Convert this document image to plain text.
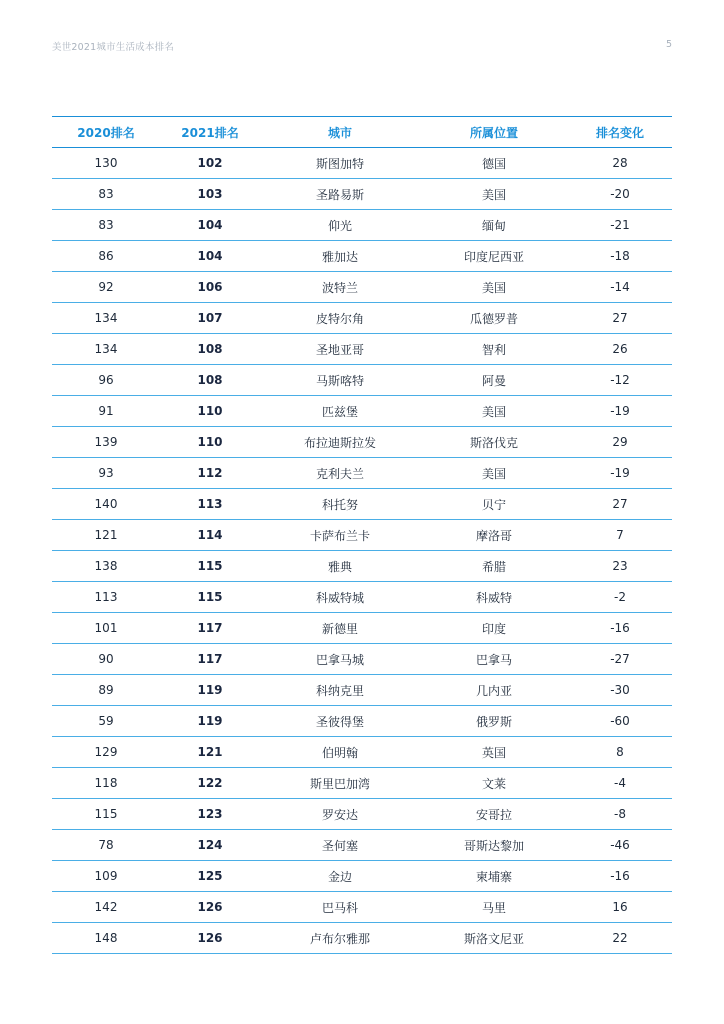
美世2021城市生活成本排名	5
2020排名	2021排名	城市	所属位置	排名变化
130	102	斯图加特	德国	28
83	103	圣路易斯	美国	-20
83	104	仰光	缅甸	-21
86	104	雅加达	印度尼西亚	-18
92	106	波特兰	美国	-14
134	107	皮特尔角	瓜德罗普	27
134	108	圣地亚哥	智利	26
96	108	马斯喀特	阿曼	-12
91	110	匹兹堡	美国	-19
139	110	布拉迪斯拉发	斯洛伐克	29
93	112	克利夫兰	美国	-19
140	113	科托努	贝宁	27
121	114	卡萨布兰卡	摩洛哥	7
138	115	雅典	希腊	23
113	115	科威特城	科威特	-2
101	117	新德里	印度	-16
90	117	巴拿马城	巴拿马	-27
89	119	科纳克里	几内亚	-30
59	119	圣彼得堡	俄罗斯	-60
129	121	伯明翰	英国	8
118	122	斯里巴加湾	文莱	-4
115	123	罗安达	安哥拉	-8
78	124	圣何塞	哥斯达黎加	-46
109	125	金边	柬埔寨	-16
142	126	巴马科	马里	16
148	126	卢布尔雅那	斯洛文尼亚	22
